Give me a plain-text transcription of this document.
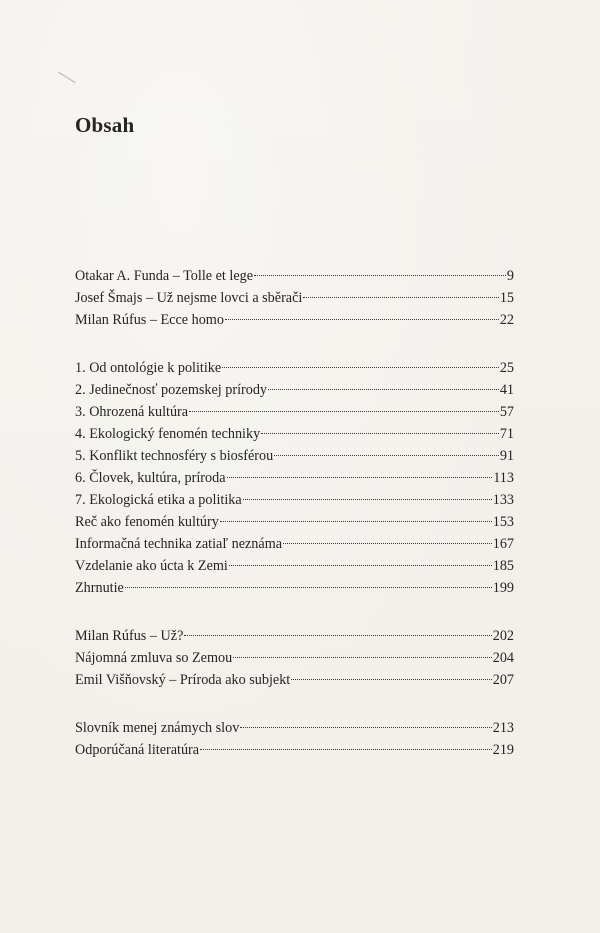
Obsah
Otakar A. Funda – Tolle et lege	9
Josef Šmajs – Už nejsme lovci a sběrači	15
Milan Rúfus – Ecce homo	22
1. Od ontológie k politike	25
2. Jedinečnosť pozemskej prírody	41
3. Ohrozená kultúra	57
4. Ekologický fenomén techniky	71
5. Konflikt technosféry s biosférou	91
6. Človek, kultúra, príroda	113
7. Ekologická etika a politika	133
Reč ako fenomén kultúry	153
Informačná technika zatiaľ neznáma	167
Vzdelanie ako úcta k Zemi	185
Zhrnutie	199
Milan Rúfus – Už?	202
Nájomná zmluva so Zemou	204
Emil Višňovský – Príroda ako subjekt	207
Slovník menej známych slov	213
Odporúčaná literatúra	219
